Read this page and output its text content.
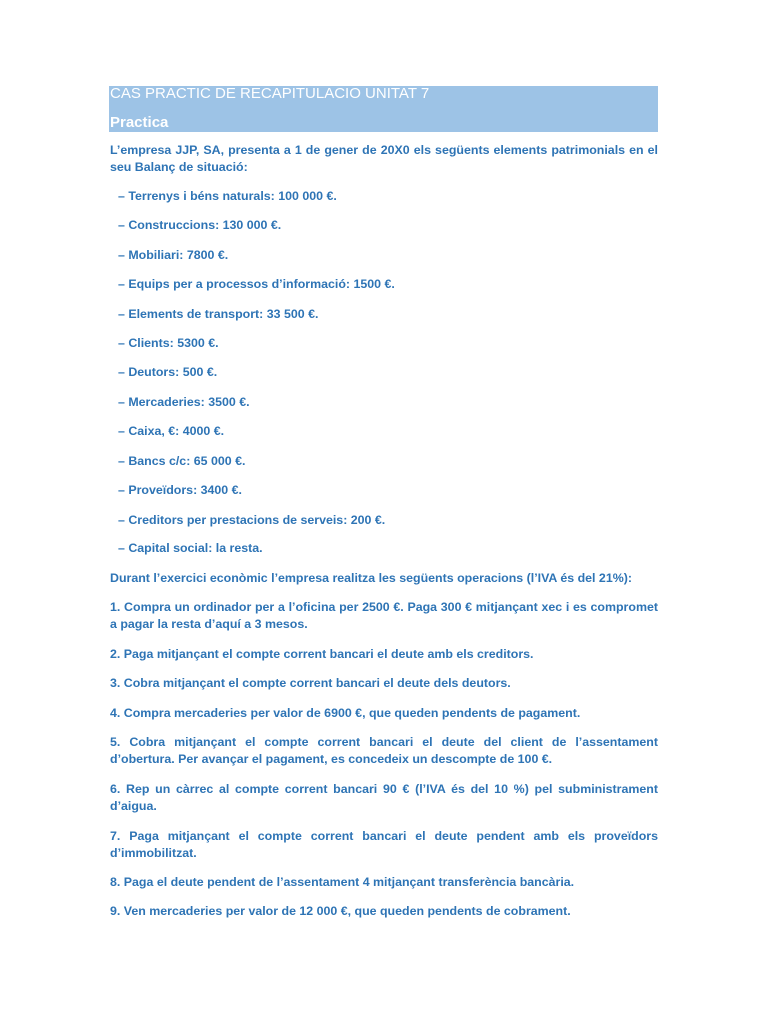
CAS PRACTIC DE RECAPITULACIO UNITAT 7
Practica
L’empresa JJP, SA, presenta a 1 de gener de 20X0 els següents elements patrimonials en el seu Balanç de situació:
– Terrenys i béns naturals: 100 000 €.
– Construccions: 130 000 €.
– Mobiliari: 7800 €.
– Equips per a processos d’informació: 1500 €.
– Elements de transport: 33 500 €.
– Clients: 5300 €.
– Deutors: 500 €.
– Mercaderies: 3500 €.
– Caixa, €: 4000 €.
– Bancs c/c: 65 000 €.
– Proveïdors: 3400 €.
– Creditors per prestacions de serveis: 200 €.
– Capital social: la resta.
Durant l’exercici econòmic l’empresa realitza les següents operacions (l’IVA és del 21%):
1. Compra un ordinador per a l’oficina per 2500 €. Paga 300 € mitjançant xec i es compromet a pagar la resta d’aquí a 3 mesos.
2. Paga mitjançant el compte corrent bancari el deute amb els creditors.
3. Cobra mitjançant el compte corrent bancari el deute dels deutors.
4. Compra mercaderies per valor de 6900 €, que queden pendents de pagament.
5. Cobra mitjançant el compte corrent bancari el deute del client de l’assentament d’obertura. Per avançar el pagament, es concedeix un descompte de 100 €.
6. Rep un càrrec al compte corrent bancari 90 € (l’IVA és del 10 %) pel subministrament d’aigua.
7. Paga mitjançant el compte corrent bancari el deute pendent amb els proveïdors d’immobilitzat.
8. Paga el deute pendent de l’assentament 4 mitjançant transferència bancària.
9. Ven mercaderies per valor de 12 000 €, que queden pendents de cobrament.
